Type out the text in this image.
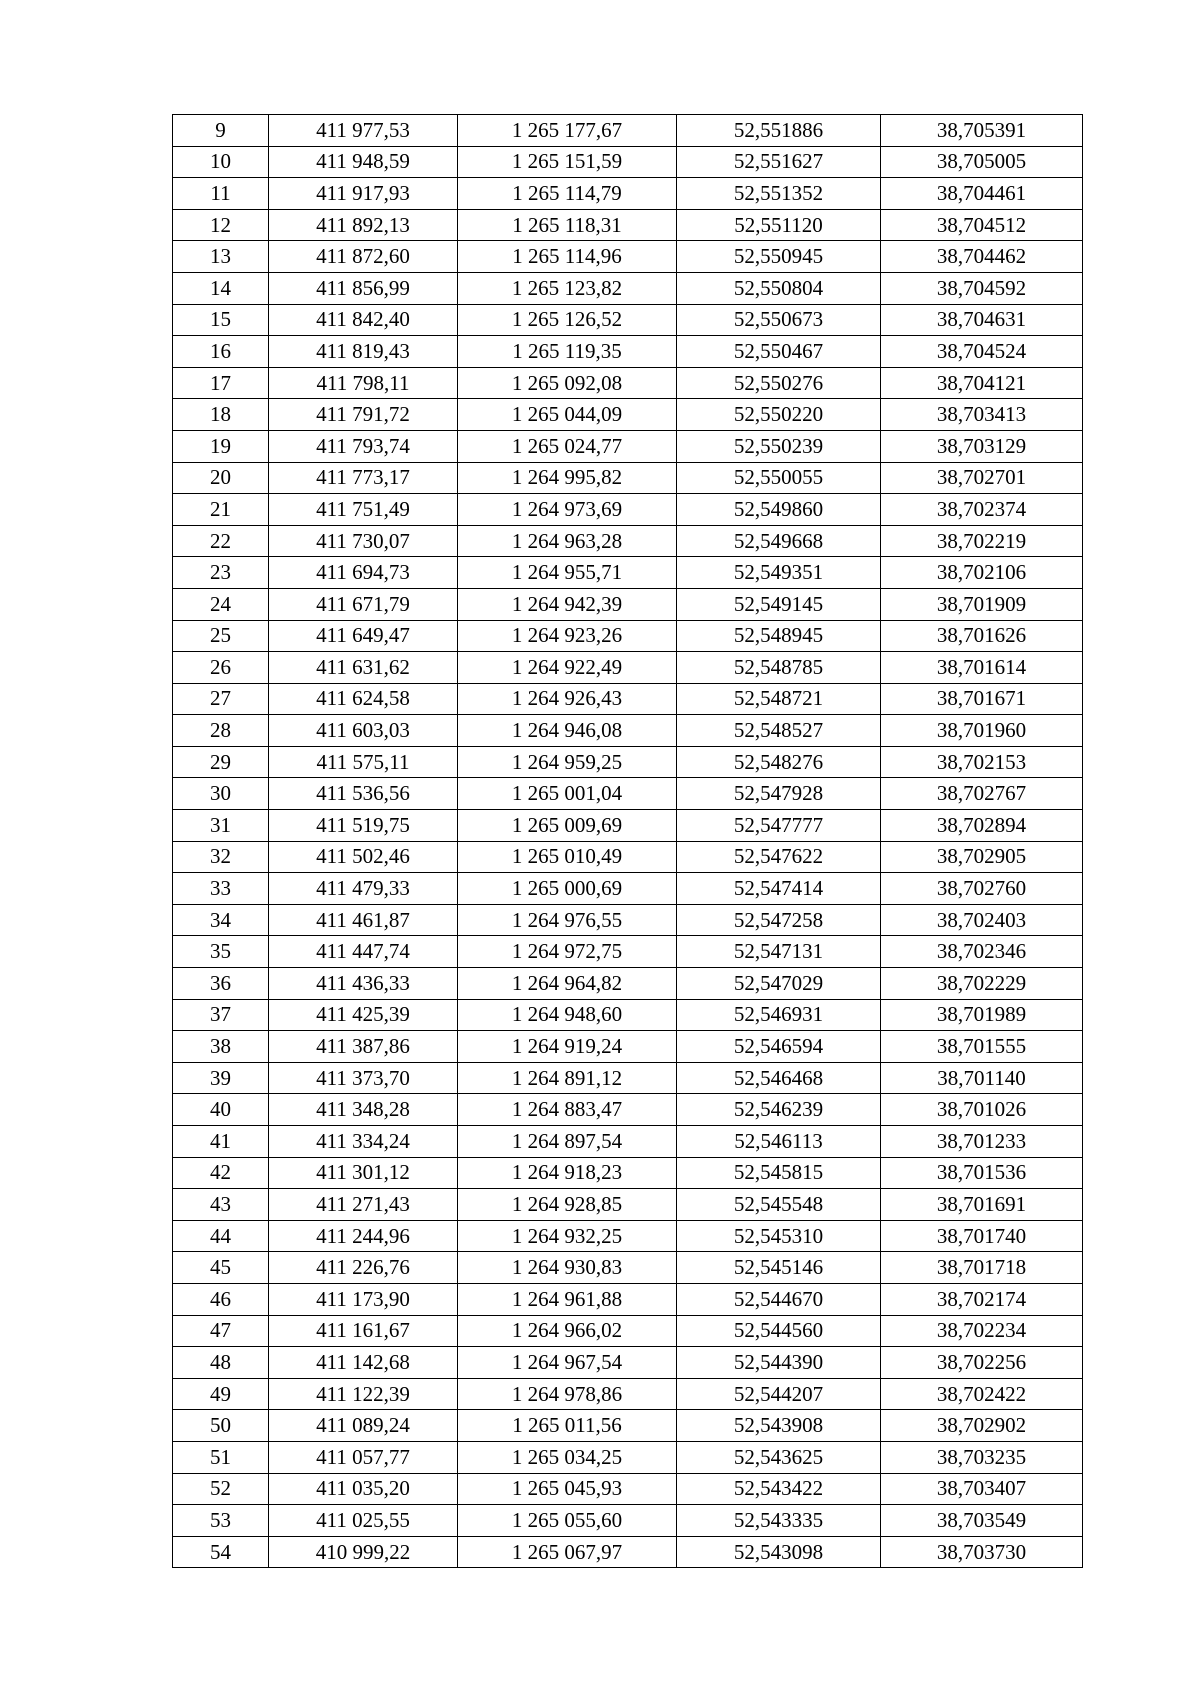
9	411 977,53	1 265 177,67	52,551886	38,705391
10	411 948,59	1 265 151,59	52,551627	38,705005
11	411 917,93	1 265 114,79	52,551352	38,704461
12	411 892,13	1 265 118,31	52,551120	38,704512
13	411 872,60	1 265 114,96	52,550945	38,704462
14	411 856,99	1 265 123,82	52,550804	38,704592
15	411 842,40	1 265 126,52	52,550673	38,704631
16	411 819,43	1 265 119,35	52,550467	38,704524
17	411 798,11	1 265 092,08	52,550276	38,704121
18	411 791,72	1 265 044,09	52,550220	38,703413
19	411 793,74	1 265 024,77	52,550239	38,703129
20	411 773,17	1 264 995,82	52,550055	38,702701
21	411 751,49	1 264 973,69	52,549860	38,702374
22	411 730,07	1 264 963,28	52,549668	38,702219
23	411 694,73	1 264 955,71	52,549351	38,702106
24	411 671,79	1 264 942,39	52,549145	38,701909
25	411 649,47	1 264 923,26	52,548945	38,701626
26	411 631,62	1 264 922,49	52,548785	38,701614
27	411 624,58	1 264 926,43	52,548721	38,701671
28	411 603,03	1 264 946,08	52,548527	38,701960
29	411 575,11	1 264 959,25	52,548276	38,702153
30	411 536,56	1 265 001,04	52,547928	38,702767
31	411 519,75	1 265 009,69	52,547777	38,702894
32	411 502,46	1 265 010,49	52,547622	38,702905
33	411 479,33	1 265 000,69	52,547414	38,702760
34	411 461,87	1 264 976,55	52,547258	38,702403
35	411 447,74	1 264 972,75	52,547131	38,702346
36	411 436,33	1 264 964,82	52,547029	38,702229
37	411 425,39	1 264 948,60	52,546931	38,701989
38	411 387,86	1 264 919,24	52,546594	38,701555
39	411 373,70	1 264 891,12	52,546468	38,701140
40	411 348,28	1 264 883,47	52,546239	38,701026
41	411 334,24	1 264 897,54	52,546113	38,701233
42	411 301,12	1 264 918,23	52,545815	38,701536
43	411 271,43	1 264 928,85	52,545548	38,701691
44	411 244,96	1 264 932,25	52,545310	38,701740
45	411 226,76	1 264 930,83	52,545146	38,701718
46	411 173,90	1 264 961,88	52,544670	38,702174
47	411 161,67	1 264 966,02	52,544560	38,702234
48	411 142,68	1 264 967,54	52,544390	38,702256
49	411 122,39	1 264 978,86	52,544207	38,702422
50	411 089,24	1 265 011,56	52,543908	38,702902
51	411 057,77	1 265 034,25	52,543625	38,703235
52	411 035,20	1 265 045,93	52,543422	38,703407
53	411 025,55	1 265 055,60	52,543335	38,703549
54	410 999,22	1 265 067,97	52,543098	38,703730
